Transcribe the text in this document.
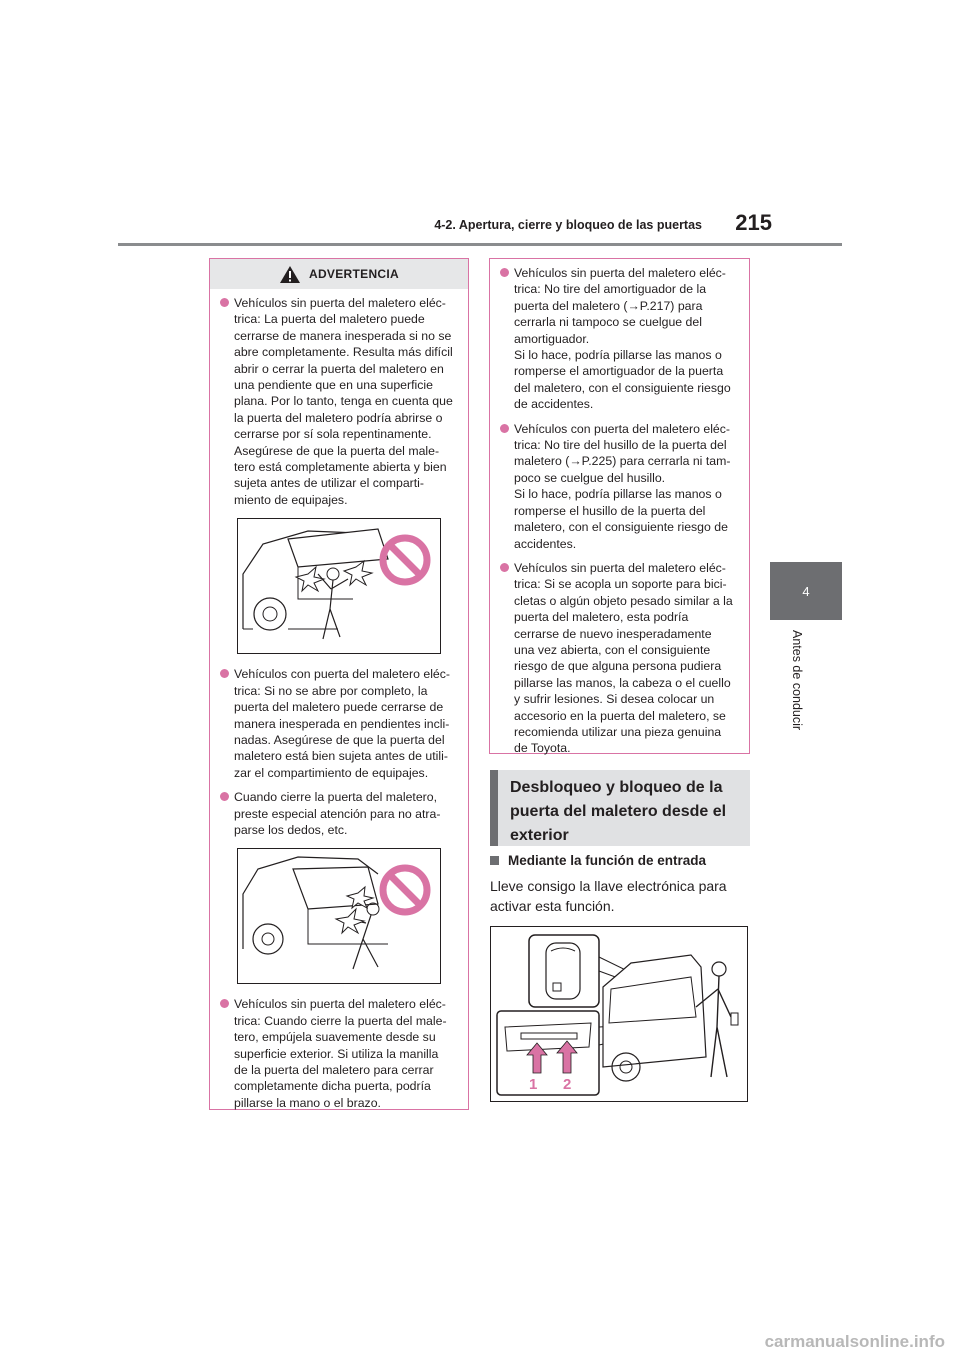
4-2. Apertura, cierre y bloqueo de las puertas	215
4
Antes de conducir
ADVERTENCIA
Vehículos sin puerta del maletero eléc-
trica: La puerta del maletero puede
cerrarse de manera inesperada si no se
abre completamente. Resulta más difícil
abrir o cerrar la puerta del maletero en
una pendiente que en una superficie
plana. Por lo tanto, tenga en cuenta que
la puerta del maletero podría abrirse o
cerrarse por sí sola repentinamente.
Asegúrese de que la puerta del male-
tero está completamente abierta y bien
sujeta antes de utilizar el comparti-
miento de equipajes.
Vehículos con puerta del maletero eléc-
trica: Si no se abre por completo, la
puerta del maletero puede cerrarse de
manera inesperada en pendientes incli-
nadas. Asegúrese de que la puerta del
maletero está bien sujeta antes de utili-
zar el compartimiento de equipajes.
Cuando cierre la puerta del maletero,
preste especial atención para no atra-
parse los dedos, etc.
Vehículos sin puerta del maletero eléc-
trica: Cuando cierre la puerta del male-
tero, empújela suavemente desde su
superficie exterior. Si utiliza la manilla
de la puerta del maletero para cerrar
completamente dicha puerta, podría
pillarse la mano o el brazo.
Vehículos sin puerta del maletero eléc-
trica: No tire del amortiguador de la
puerta del maletero (→P.217) para
cerrarla ni tampoco se cuelgue del
amortiguador.
Si lo hace, podría pillarse las manos o
romperse el amortiguador de la puerta
del maletero, con el consiguiente riesgo
de accidentes.
Vehículos con puerta del maletero eléc-
trica: No tire del husillo de la puerta del
maletero (→P.225) para cerrarla ni tam-
poco se cuelgue del husillo.
Si lo hace, podría pillarse las manos o
romperse el husillo de la puerta del
maletero, con el consiguiente riesgo de
accidentes.
Vehículos sin puerta del maletero eléc-
trica: Si se acopla un soporte para bici-
cletas o algún objeto pesado similar a la
puerta del maletero, esta podría
cerrarse de nuevo inesperadamente
una vez abierta, con el consiguiente
riesgo de que alguna persona pudiera
pillarse las manos, la cabeza o el cuello
y sufrir lesiones. Si desea colocar un
accesorio en la puerta del maletero, se
recomienda utilizar una pieza genuina
de Toyota.
Desbloqueo y bloqueo de la
puerta del maletero desde el
exterior
Mediante la función de entrada
Lleve consigo la llave electrónica para activar esta función.
1 2
carmanualsonline.info
